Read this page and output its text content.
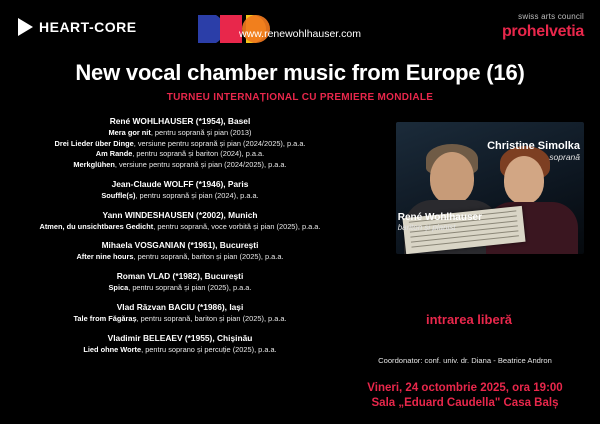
HEART-CORE	www.renewohlhauser.com
swiss arts council
prohelvetia
New vocal chamber music from Europe (16)
TURNEU INTERNAȚIONAL CU PREMIERE MONDIALE
René WOHLHAUSER (*1954), Basel
Mera gor nit, pentru soprană și pian (2013)
Drei Lieder über Dinge, versiune pentru soprană și pian (2024/2025), p.a.a.
Am Rande, pentru soprană și bariton (2024), p.a.a.
Merkglühen, versiune pentru soprană și pian (2024/2025), p.a.a.
Jean-Claude WOLFF (*1946), Paris
Souffle(s), pentru soprană și pian (2024), p.a.a.
Yann WINDESHAUSEN (*2002), Munich
Atmen, du unsichtbares Gedicht, pentru soprană, voce vorbită și pian (2025), p.a.a.
Mihaela VOSGANIAN (*1961), București
After nine hours, pentru soprană, bariton și pian (2025), p.a.a.
Roman VLAD (*1982), București
Spica, pentru soprană și pian (2025), p.a.a.
Vlad Răzvan BACIU (*1986), Iași
Tale from Făgăraș, pentru soprană, bariton și pian (2025), p.a.a.
Vladimir BELEAEV (*1955), Chișinău
Lied ohne Worte, pentru soprano și percuție (2025), p.a.a.
Christine Simolka
soprană
René Wohlhauser
bariton și pianist
intrarea liberă
Coordonator: conf. univ. dr. Diana - Beatrice Andron
Vineri, 24 octombrie 2025, ora 19:00
Sala „Eduard Caudella" Casa Balș
